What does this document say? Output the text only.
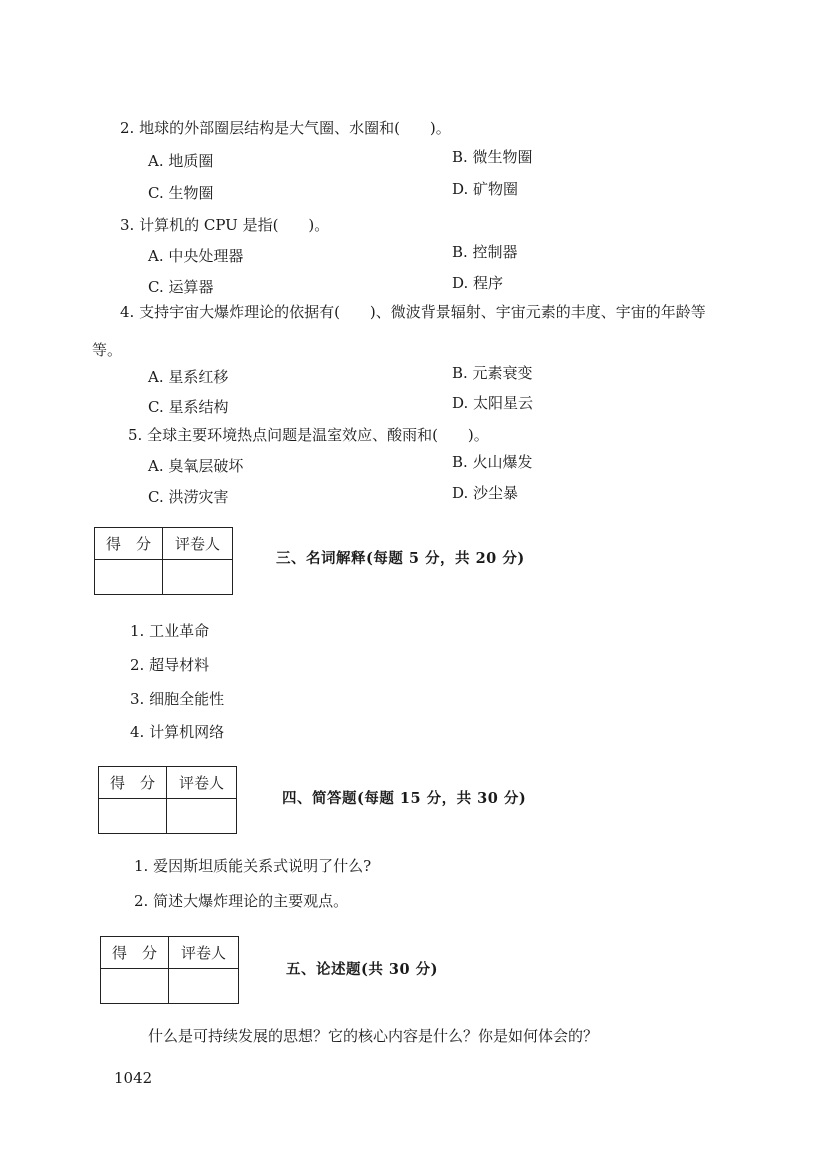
2. 地球的外部圈层结构是大气圈、水圈和(　　)。
A. 地质圈	B. 微生物圈
C. 生物圈	D. 矿物圈
3. 计算机的 CPU 是指(　　)。
A. 中央处理器	B. 控制器
C. 运算器	D. 程序
4. 支持宇宙大爆炸理论的依据有(　　)、微波背景辐射、宇宙元素的丰度、宇宙的年龄等
等。
A. 星系红移	B. 元素衰变
C. 星系结构	D. 太阳星云
5. 全球主要环境热点问题是温室效应、酸雨和(　　)。
A. 臭氧层破坏	B. 火山爆发
C. 洪涝灾害	D. 沙尘暴
得　分	评卷人

三、名词解释(每题 5 分，共 20 分)
1. 工业革命
2. 超导材料
3. 细胞全能性
4. 计算机网络
得　分	评卷人

四、简答题(每题 15 分，共 30 分)
1. 爱因斯坦质能关系式说明了什么?
2. 简述大爆炸理论的主要观点。
得　分	评卷人

五、论述题(共 30 分)
什么是可持续发展的思想？它的核心内容是什么？你是如何体会的？
1042
